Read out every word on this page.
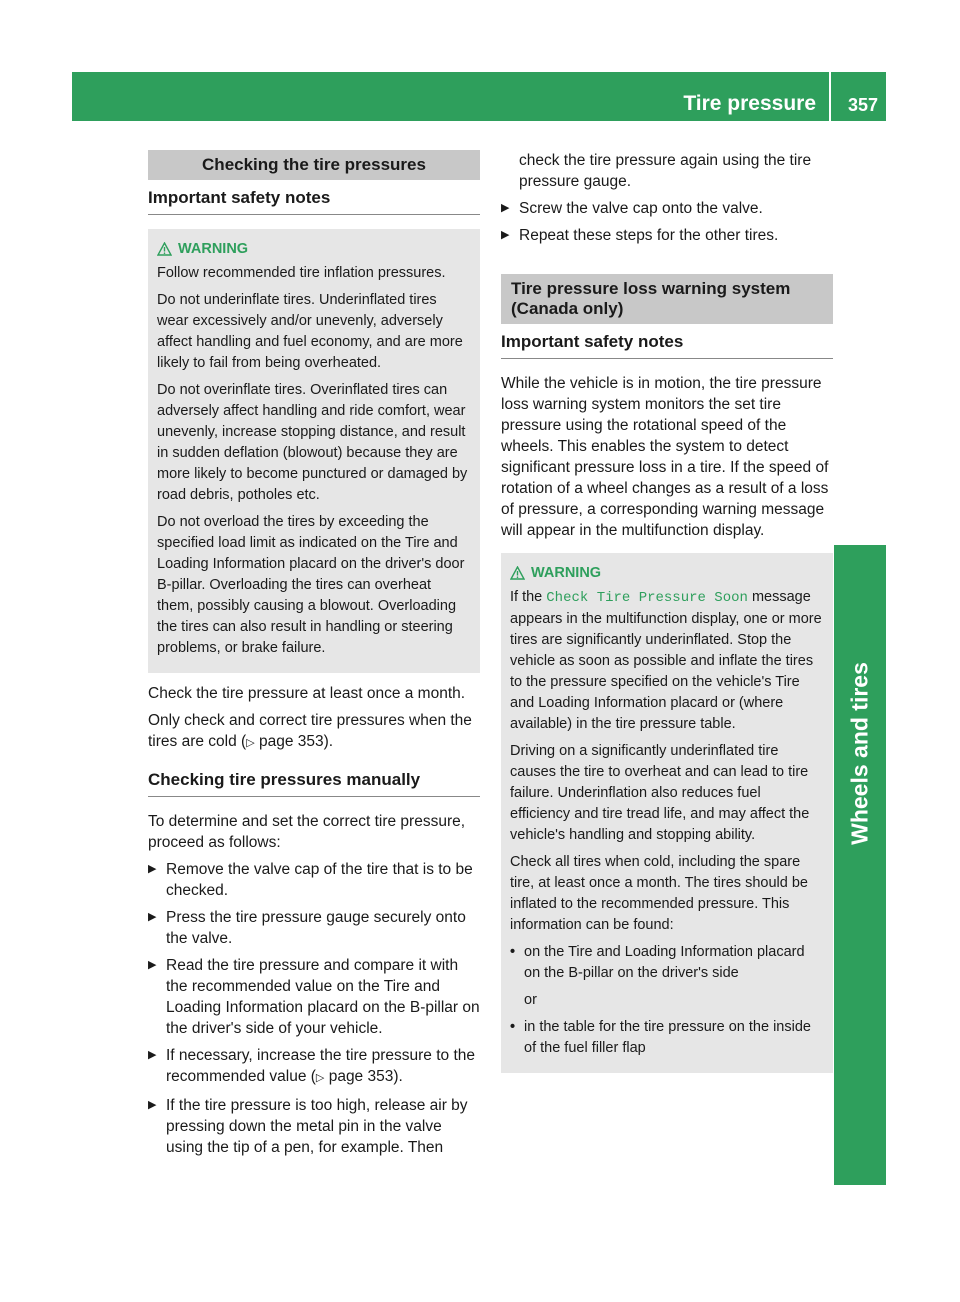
Tire pressure 357
Wheels and tires
Checking the tire pressures
Important safety notes
WARNING

Follow recommended tire inflation pressures.

Do not underinflate tires. Underinflated tires wear excessively and/or unevenly, adversely affect handling and fuel economy, and are more likely to fail from being overheated.

Do not overinflate tires. Overinflated tires can adversely affect handling and ride comfort, wear unevenly, increase stopping distance, and result in sudden deflation (blowout) because they are more likely to become punctured or damaged by road debris, potholes etc.

Do not overload the tires by exceeding the specified load limit as indicated on the Tire and Loading Information placard on the driver's door B-pillar. Overloading the tires can overheat them, possibly causing a blowout. Overloading the tires can also result in handling or steering problems, or brake failure.

Check the tire pressure at least once a month.

Only check and correct tire pressures when the tires are cold (▷ page 353).

Checking tire pressures manually

To determine and set the correct tire pressure, proceed as follows:

▶ Remove the valve cap of the tire that is to be checked.
▶ Press the tire pressure gauge securely onto the valve.
▶ Read the tire pressure and compare it with the recommended value on the Tire and Loading Information placard on the B-pillar on the driver's side of your vehicle.
▶ If necessary, increase the tire pressure to the recommended value (▷ page 353).
▶ If the tire pressure is too high, release air by pressing down the metal pin in the valve using the tip of a pen, for example. Then
check the tire pressure again using the tire pressure gauge.
▶ Screw the valve cap onto the valve.
▶ Repeat these steps for the other tires.
Tire pressure loss warning system (Canada only)
Important safety notes

While the vehicle is in motion, the tire pressure loss warning system monitors the set tire pressure using the rotational speed of the wheels. This enables the system to detect significant pressure loss in a tire. If the speed of rotation of a wheel changes as a result of a loss of pressure, a corresponding warning message will appear in the multifunction display.

WARNING

If the Check Tire Pressure Soon message appears in the multifunction display, one or more tires are significantly underinflated. Stop the vehicle as soon as possible and inflate the tires to the pressure specified on the vehicle's Tire and Loading Information placard or (where available) in the tire pressure table.

Driving on a significantly underinflated tire causes the tire to overheat and can lead to tire failure. Underinflation also reduces fuel efficiency and tire tread life, and may affect the vehicle's handling and stopping ability.

Check all tires when cold, including the spare tire, at least once a month. The tires should be inflated to the recommended pressure. This information can be found:

• on the Tire and Loading Information placard on the B-pillar on the driver's side

or

• in the table for the tire pressure on the inside of the fuel filler flap
